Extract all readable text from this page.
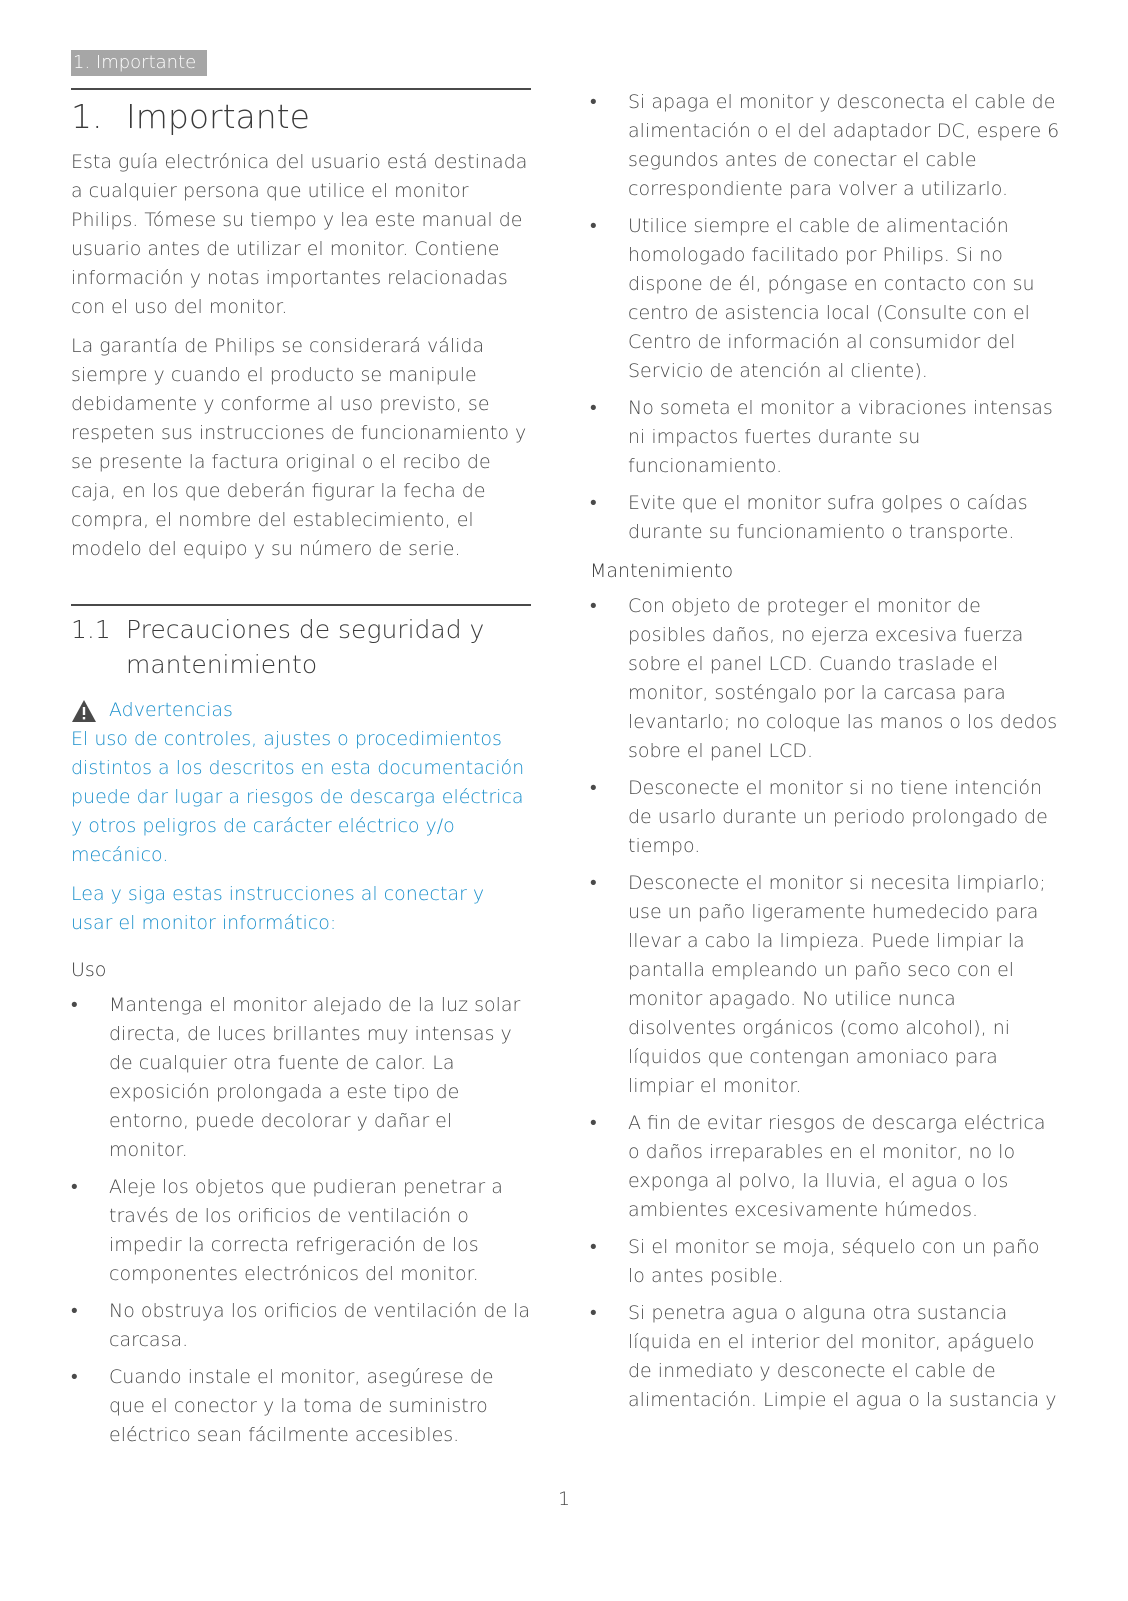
1. Importante
1. Importante

Esta guía electrónica del usuario está destinada a cualquier persona que utilice el monitor Philips. Tómese su tiempo y lea este manual de usuario antes de utilizar el monitor. Contiene información y notas importantes relacionadas con el uso del monitor.

La garantía de Philips se considerará válida siempre y cuando el producto se manipule debidamente y conforme al uso previsto, se respeten sus instrucciones de funcionamiento y se presente la factura original o el recibo de caja, en los que deberán figurar la fecha de compra, el nombre del establecimiento, el modelo del equipo y su número de serie.

1.1 Precauciones de seguridad y mantenimiento
Advertencias

El uso de controles, ajustes o procedimientos distintos a los descritos en esta documentación puede dar lugar a riesgos de descarga eléctrica y otros peligros de carácter eléctrico y/o mecánico.

Lea y siga estas instrucciones al conectar y usar el monitor informático:

Uso
• Mantenga el monitor alejado de la luz solar directa, de luces brillantes muy intensas y de cualquier otra fuente de calor. La exposición prolongada a este tipo de entorno, puede decolorar y dañar el monitor.
• Aleje los objetos que pudieran penetrar a través de los orificios de ventilación o impedir la correcta refrigeración de los componentes electrónicos del monitor.
• No obstruya los orificios de ventilación de la carcasa.
• Cuando instale el monitor, asegúrese de que el conector y la toma de suministro eléctrico sean fácilmente accesibles.
• Si apaga el monitor y desconecta el cable de alimentación o el del adaptador DC, espere 6 segundos antes de conectar el cable correspondiente para volver a utilizarlo.
• Utilice siempre el cable de alimentación homologado facilitado por Philips. Si no dispone de él, póngase en contacto con su centro de asistencia local (Consulte con el Centro de información al consumidor del Servicio de atención al cliente).
• No someta el monitor a vibraciones intensas ni impactos fuertes durante su funcionamiento.
• Evite que el monitor sufra golpes o caídas durante su funcionamiento o transporte.
Mantenimiento
• Con objeto de proteger el monitor de posibles daños, no ejerza excesiva fuerza sobre el panel LCD. Cuando traslade el monitor, sosténgalo por la carcasa para levantarlo; no coloque las manos o los dedos sobre el panel LCD.
• Desconecte el monitor si no tiene intención de usarlo durante un periodo prolongado de tiempo.
• Desconecte el monitor si necesita limpiarlo; use un paño ligeramente humedecido para llevar a cabo la limpieza. Puede limpiar la pantalla empleando un paño seco con el monitor apagado. No utilice nunca disolventes orgánicos (como alcohol), ni líquidos que contengan amoniaco para limpiar el monitor.
• A fin de evitar riesgos de descarga eléctrica o daños irreparables en el monitor, no lo exponga al polvo, la lluvia, el agua o los ambientes excesivamente húmedos.
• Si el monitor se moja, séquelo con un paño lo antes posible.
• Si penetra agua o alguna otra sustancia líquida en el interior del monitor, apáguelo de inmediato y desconecte el cable de alimentación. Limpie el agua o la sustancia y
1
